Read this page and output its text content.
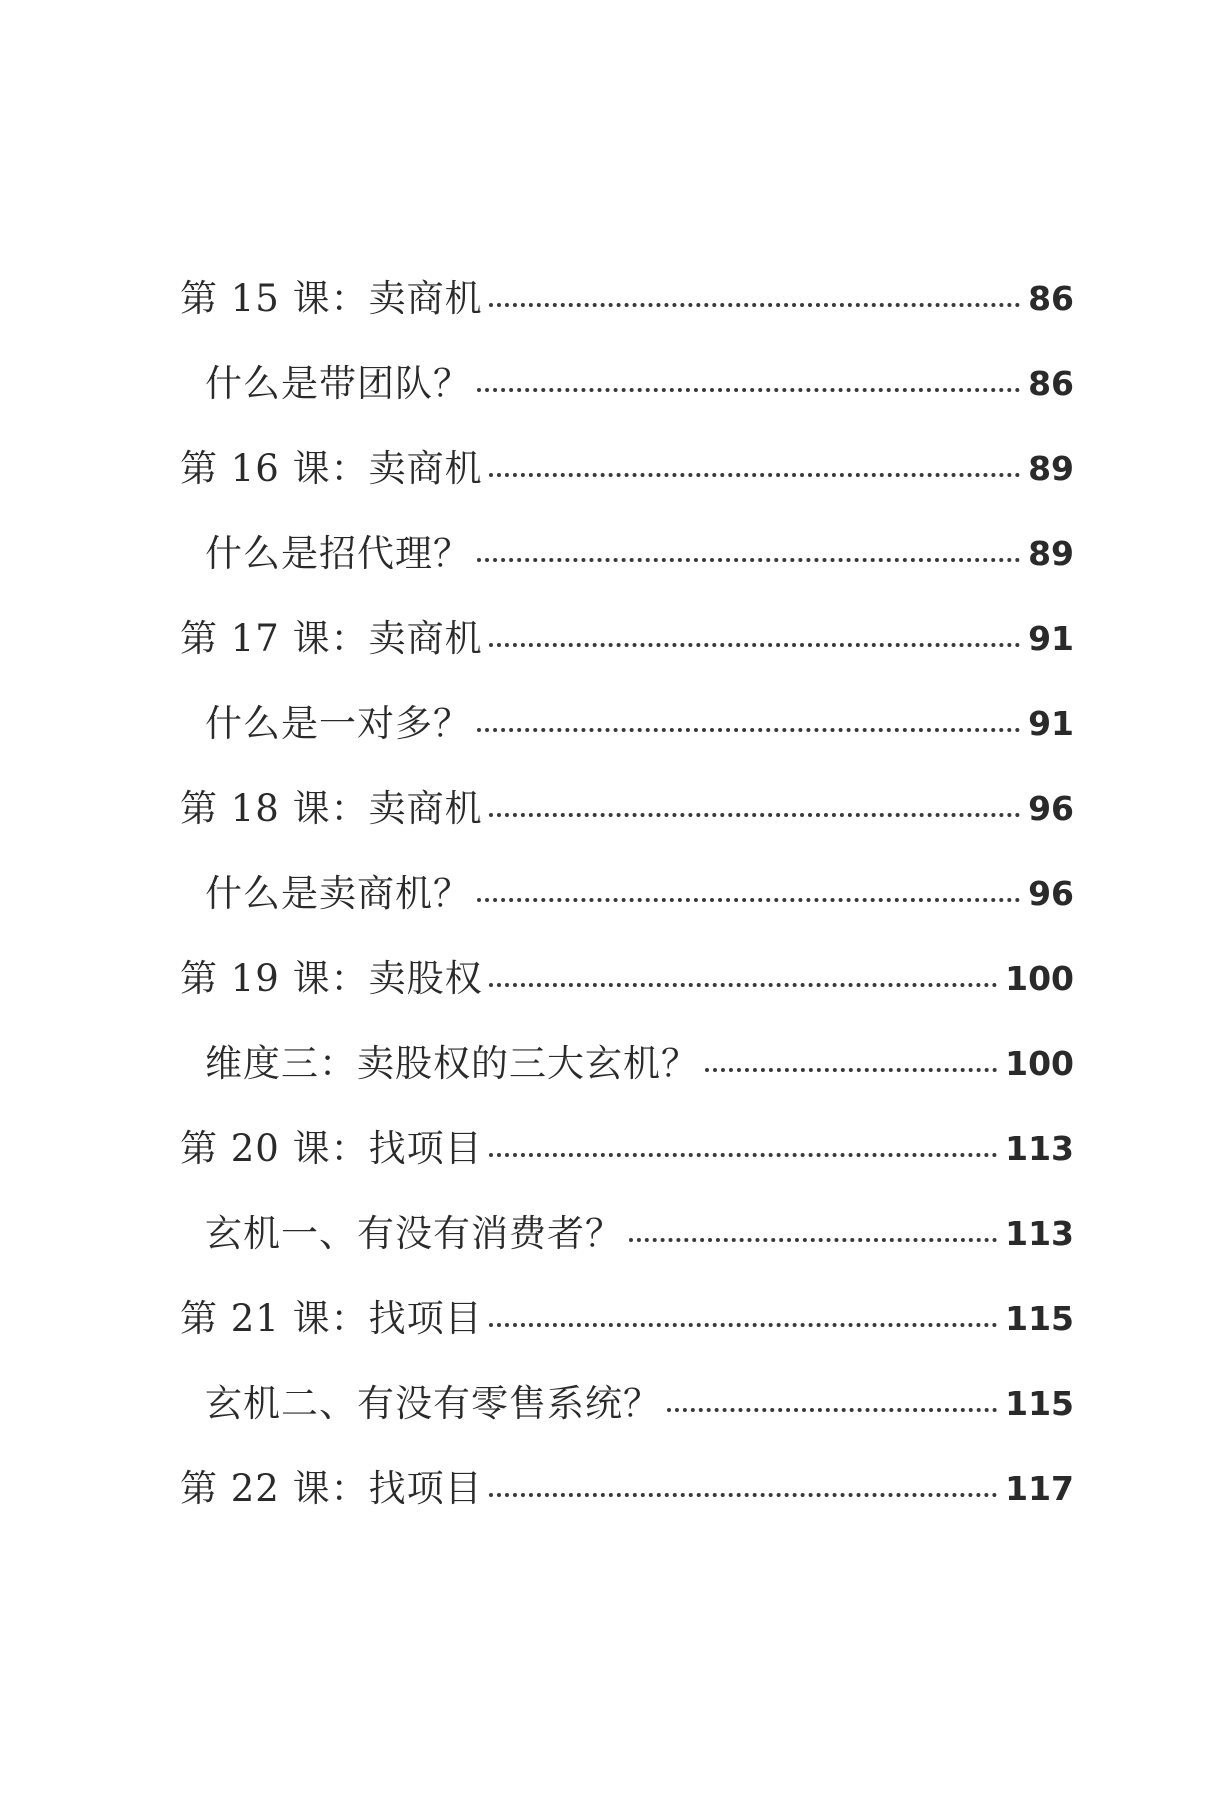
第 15 课：卖商机	86
什么是带团队？	86
第 16 课：卖商机	89
什么是招代理？	89
第 17 课：卖商机	91
什么是一对多？	91
第 18 课：卖商机	96
什么是卖商机？	96
第 19 课：卖股权	100
维度三：卖股权的三大玄机？	100
第 20 课：找项目	113
玄机一、有没有消费者？	113
第 21 课：找项目	115
玄机二、有没有零售系统？	115
第 22 课：找项目	117
